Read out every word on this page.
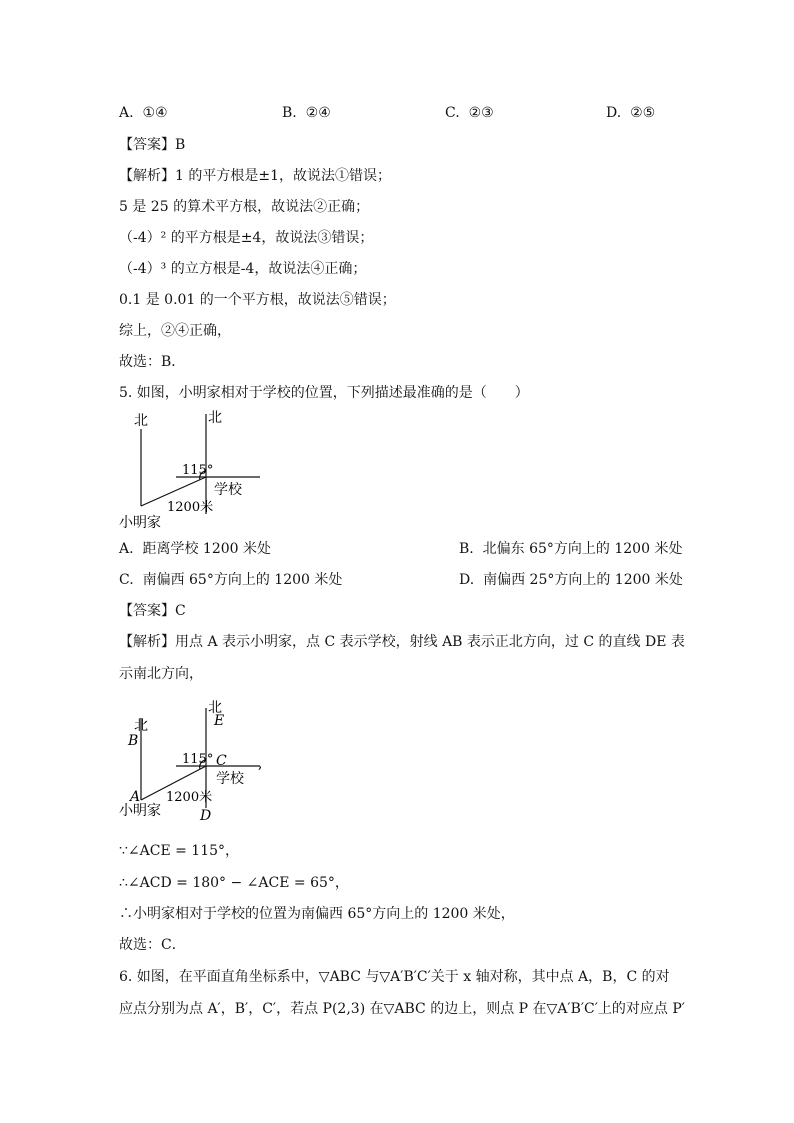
A. ①④	B. ②④	C. ②③	D. ②⑤
【答案】B
【解析】1 的平方根是±1，故说法①错误；
5 是 25 的算术平方根，故说法②正确；
（-4）² 的平方根是±4，故说法③错误；
（-4）³ 的立方根是-4，故说法④正确；
0.1 是 0.01 的一个平方根，故说法⑤错误；
综上，②④正确，
故选：B．
5. 如图，小明家相对于学校的位置，下列描述最准确的是（　　）
北	北
115°
学校
1200米
小明家
A. 距离学校 1200 米处	B. 北偏东 65°方向上的 1200 米处
C. 南偏西 65°方向上的 1200 米处	D. 南偏西 25°方向上的 1200 米处
【答案】C
【解析】用点 A 表示小明家，点 C 表示学校，射线 AB 表示正北方向，过 C 的直线 DE 表
示南北方向，
北
北
B
E
115° C
学校
,
A 1200米
D
小明家
∵∠ACE = 115°，
∴∠ACD = 180° − ∠ACE = 65°，
∴小明家相对于学校的位置为南偏西 65°方向上的 1200 米处，
故选：C．
6. 如图，在平面直角坐标系中，▽ABC 与▽A′B′C′关于 x 轴对称，其中点 A，B，C 的对
应点分别为点 A′，B′，C′，若点 P(2,3) 在▽ABC 的边上，则点 P 在▽A′B′C′上的对应点 P′
